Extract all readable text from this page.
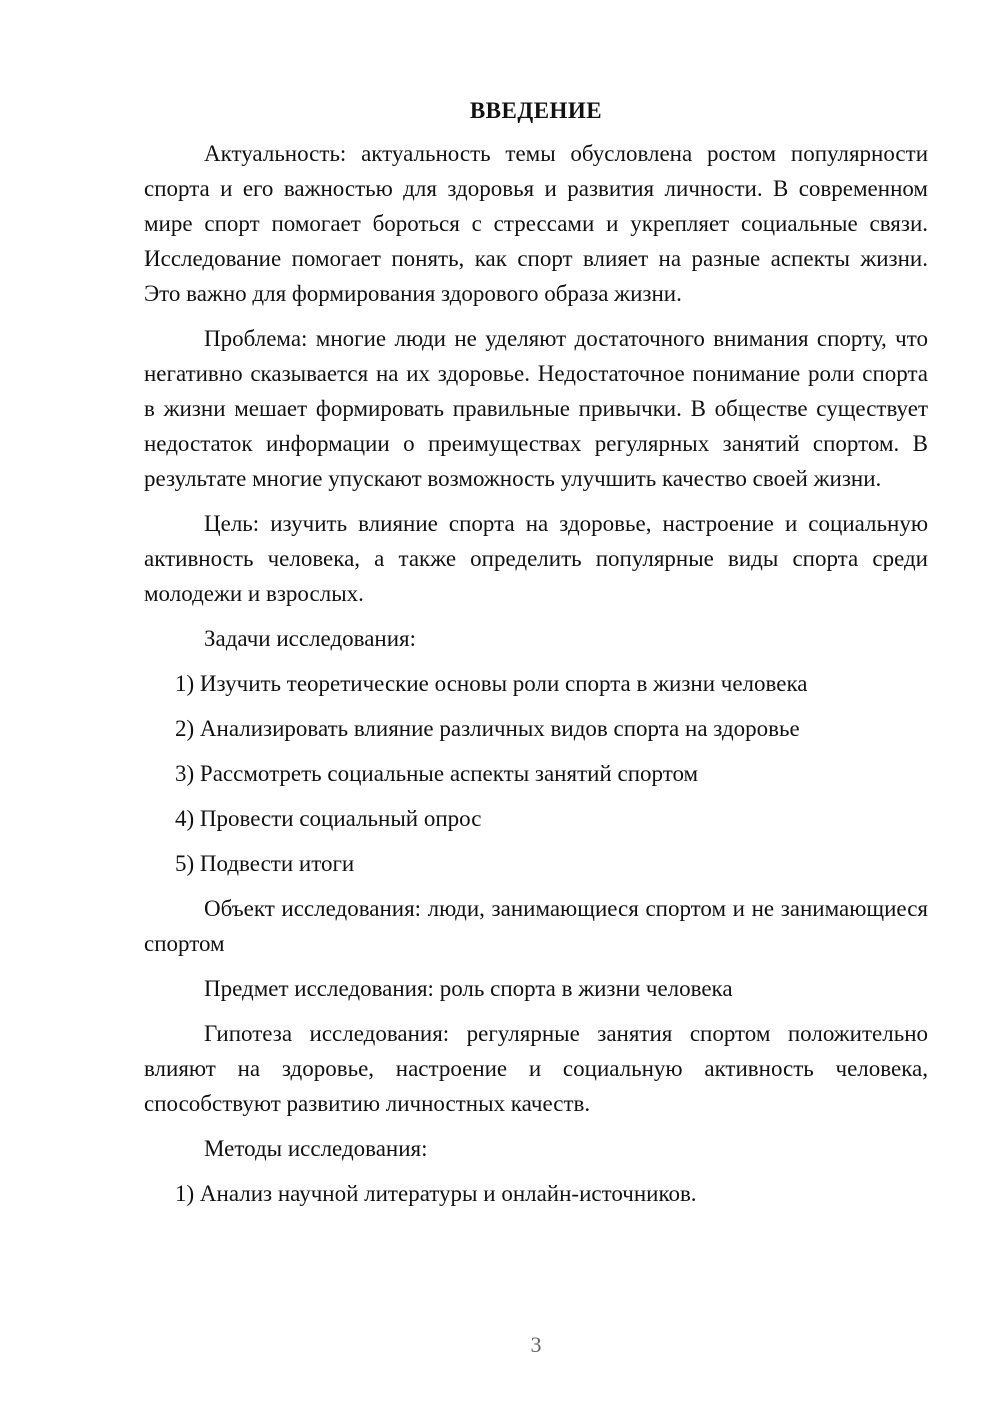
ВВЕДЕНИЕ

Актуальность: актуальность темы обусловлена ростом популярности спорта и его важностью для здоровья и развития личности. В современном мире спорт помогает бороться с стрессами и укрепляет социальные связи. Исследование помогает понять, как спорт влияет на разные аспекты жизни. Это важно для формирования здорового образа жизни.

Проблема: многие люди не уделяют достаточного внимания спорту, что негативно сказывается на их здоровье. Недостаточное понимание роли спорта в жизни мешает формировать правильные привычки. В обществе существует недостаток информации о преимуществах регулярных занятий спортом. В результате многие упускают возможность улучшить качество своей жизни.

Цель: изучить влияние спорта на здоровье, настроение и социальную активность человека, а также определить популярные виды спорта среди молодежи и взрослых.

Задачи исследования:

1) Изучить теоретические основы роли спорта в жизни человека
2) Анализировать влияние различных видов спорта на здоровье
3) Рассмотреть социальные аспекты занятий спортом
4) Провести социальный опрос
5) Подвести итоги

Объект исследования: люди, занимающиеся спортом и не занимающиеся спортом

Предмет исследования: роль спорта в жизни человека

Гипотеза исследования: регулярные занятия спортом положительно влияют на здоровье, настроение и социальную активность человека, способствуют развитию личностных качеств.

Методы исследования:

1) Анализ научной литературы и онлайн-источников.
3
